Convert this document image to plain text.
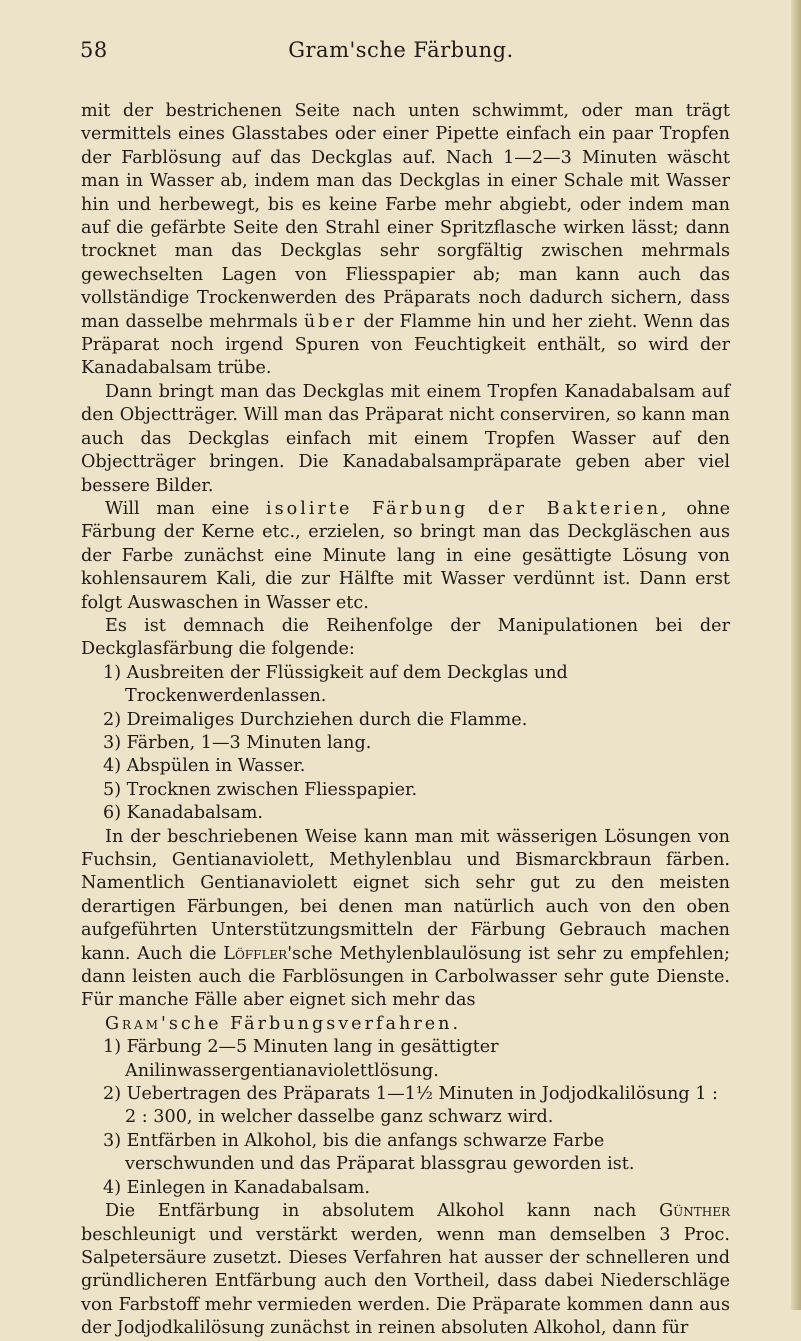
58	Gram'sche Färbung.

mit der bestrichenen Seite nach unten schwimmt, oder man trägt vermittels eines Glasstabes oder einer Pipette einfach ein paar Tropfen der Farblösung auf das Deckglas auf. Nach 1—2—3 Minuten wäscht man in Wasser ab, indem man das Deckglas in einer Schale mit Wasser hin und herbewegt, bis es keine Farbe mehr abgiebt, oder indem man auf die gefärbte Seite den Strahl einer Spritzflasche wirken lässt; dann trocknet man das Deckglas sehr sorgfältig zwischen mehrmals gewechselten Lagen von Fliesspapier ab; man kann auch das vollständige Trockenwerden des Präparats noch dadurch sichern, dass man dasselbe mehrmals über der Flamme hin und her zieht. Wenn das Präparat noch irgend Spuren von Feuchtigkeit enthält, so wird der Kanadabalsam trübe.

Dann bringt man das Deckglas mit einem Tropfen Kanadabalsam auf den Objectträger. Will man das Präparat nicht conserviren, so kann man auch das Deckglas einfach mit einem Tropfen Wasser auf den Objectträger bringen. Die Kanadabalsampräparate geben aber viel bessere Bilder.

Will man eine isolirte Färbung der Bakterien, ohne Färbung der Kerne etc., erzielen, so bringt man das Deckgläschen aus der Farbe zunächst eine Minute lang in eine gesättigte Lösung von kohlensaurem Kali, die zur Hälfte mit Wasser verdünnt ist. Dann erst folgt Auswaschen in Wasser etc.

Es ist demnach die Reihenfolge der Manipulationen bei der Deckglasfärbung die folgende:

1) Ausbreiten der Flüssigkeit auf dem Deckglas und Trockenwerdenlassen.

2) Dreimaliges Durchziehen durch die Flamme.

3) Färben, 1—3 Minuten lang.

4) Abspülen in Wasser.

5) Trocknen zwischen Fliesspapier.

6) Kanadabalsam.

In der beschriebenen Weise kann man mit wässerigen Lösungen von Fuchsin, Gentianaviolett, Methylenblau und Bismarckbraun färben. Namentlich Gentianaviolett eignet sich sehr gut zu den meisten derartigen Färbungen, bei denen man natürlich auch von den oben aufgeführten Unterstützungsmitteln der Färbung Gebrauch machen kann. Auch die Löffler'sche Methylenblaulösung ist sehr zu empfehlen; dann leisten auch die Farblösungen in Carbolwasser sehr gute Dienste. Für manche Fälle aber eignet sich mehr das

Gram'sche Färbungsverfahren.

1) Färbung 2—5 Minuten lang in gesättigter Anilinwassergentianaviolettlösung.

2) Uebertragen des Präparats 1—1½ Minuten in Jodjodkalilösung 1 : 2 : 300, in welcher dasselbe ganz schwarz wird.

3) Entfärben in Alkohol, bis die anfangs schwarze Farbe verschwunden und das Präparat blassgrau geworden ist.

4) Einlegen in Kanadabalsam.

Die Entfärbung in absolutem Alkohol kann nach Günther beschleunigt und verstärkt werden, wenn man demselben 3 Proc. Salpetersäure zusetzt. Dieses Verfahren hat ausser der schnelleren und gründlicheren Entfärbung auch den Vortheil, dass dabei Niederschläge von Farbstoff mehr vermieden werden. Die Präparate kommen dann aus der Jodjodkalilösung zunächst in reinen absoluten Alkohol, dann für
